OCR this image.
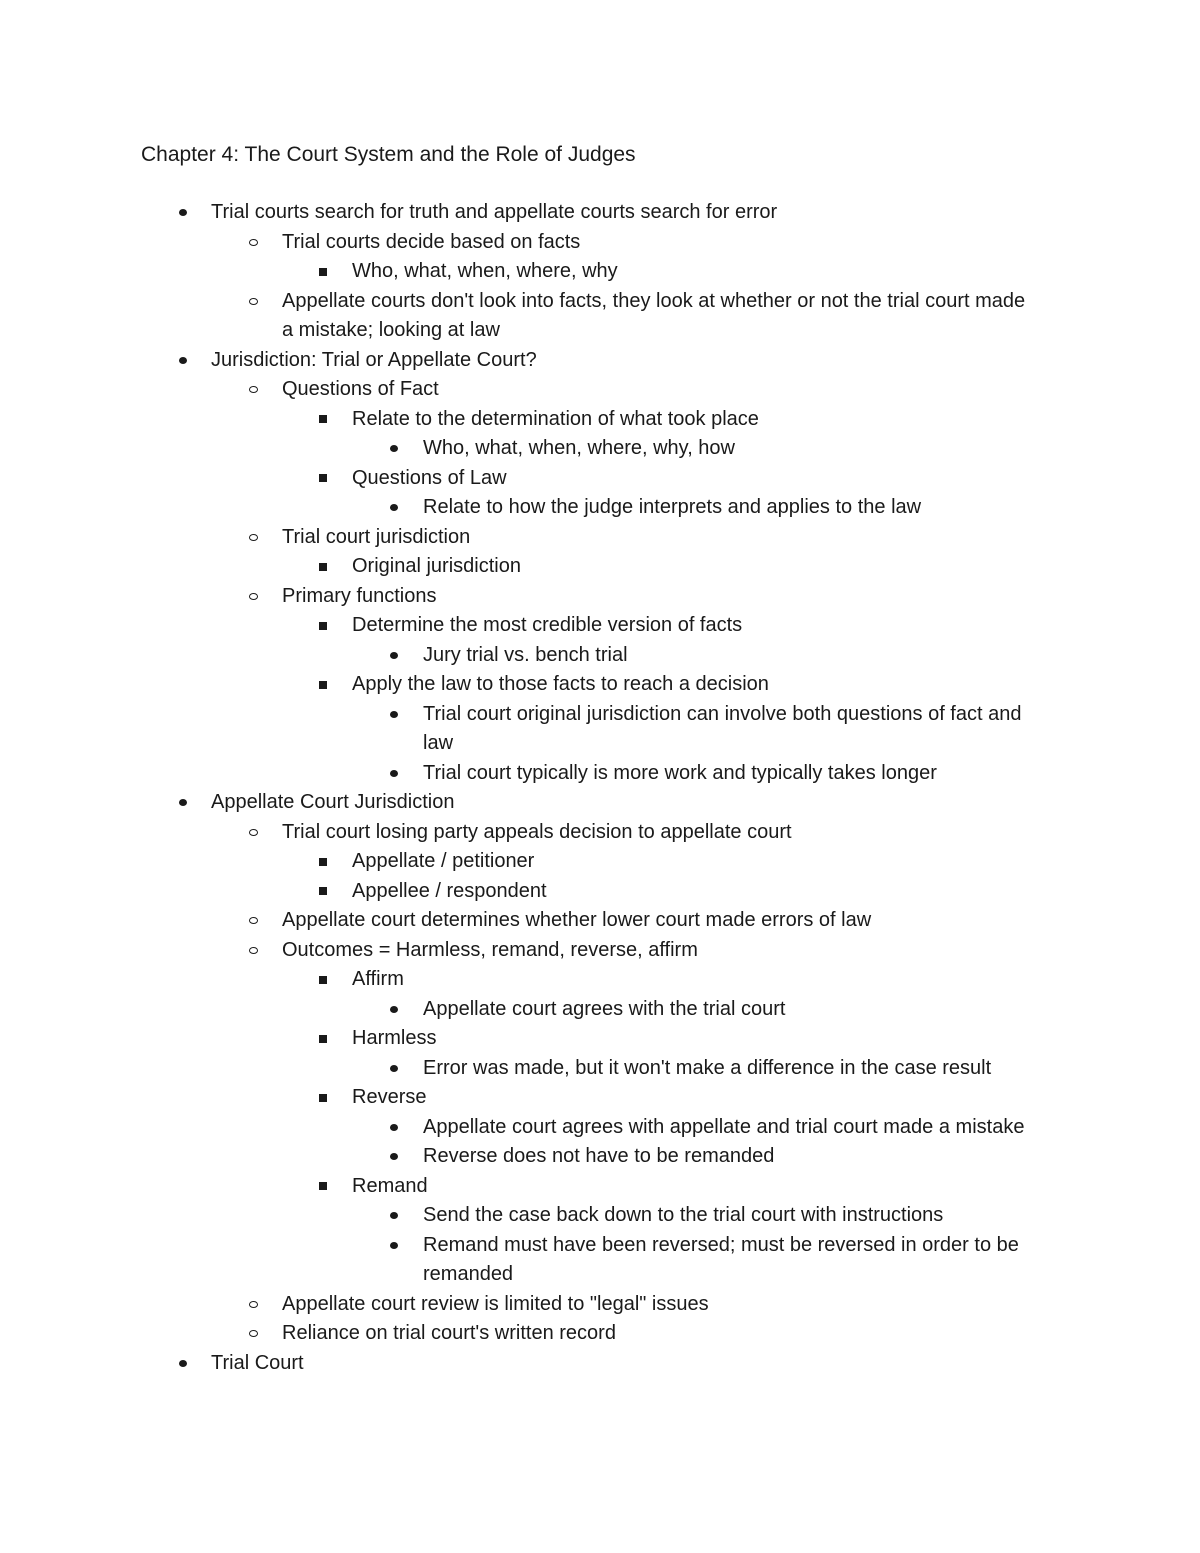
Chapter 4: The Court System and the Role of Judges
Trial courts search for truth and appellate courts search for error
Trial courts decide based on facts
Who, what, when, where, why
Appellate courts don't look into facts, they look at whether or not the trial court made a mistake; looking at law
Jurisdiction: Trial or Appellate Court?
Questions of Fact
Relate to the determination of what took place
Who, what, when, where, why, how
Questions of Law
Relate to how the judge interprets and applies to the law
Trial court jurisdiction
Original jurisdiction
Primary functions
Determine the most credible version of facts
Jury trial vs. bench trial
Apply the law to those facts to reach a decision
Trial court original jurisdiction can involve both questions of fact and law
Trial court typically is more work and typically takes longer
Appellate Court Jurisdiction
Trial court losing party appeals decision to appellate court
Appellate / petitioner
Appellee / respondent
Appellate court determines whether lower court made errors of law
Outcomes = Harmless, remand, reverse, affirm
Affirm
Appellate court agrees with the trial court
Harmless
Error was made, but it won't make a difference in the case result
Reverse
Appellate court agrees with appellate and trial court made a mistake
Reverse does not have to be remanded
Remand
Send the case back down to the trial court with instructions
Remand must have been reversed; must be reversed in order to be remanded
Appellate court review is limited to "legal" issues
Reliance on trial court's written record
Trial Court
